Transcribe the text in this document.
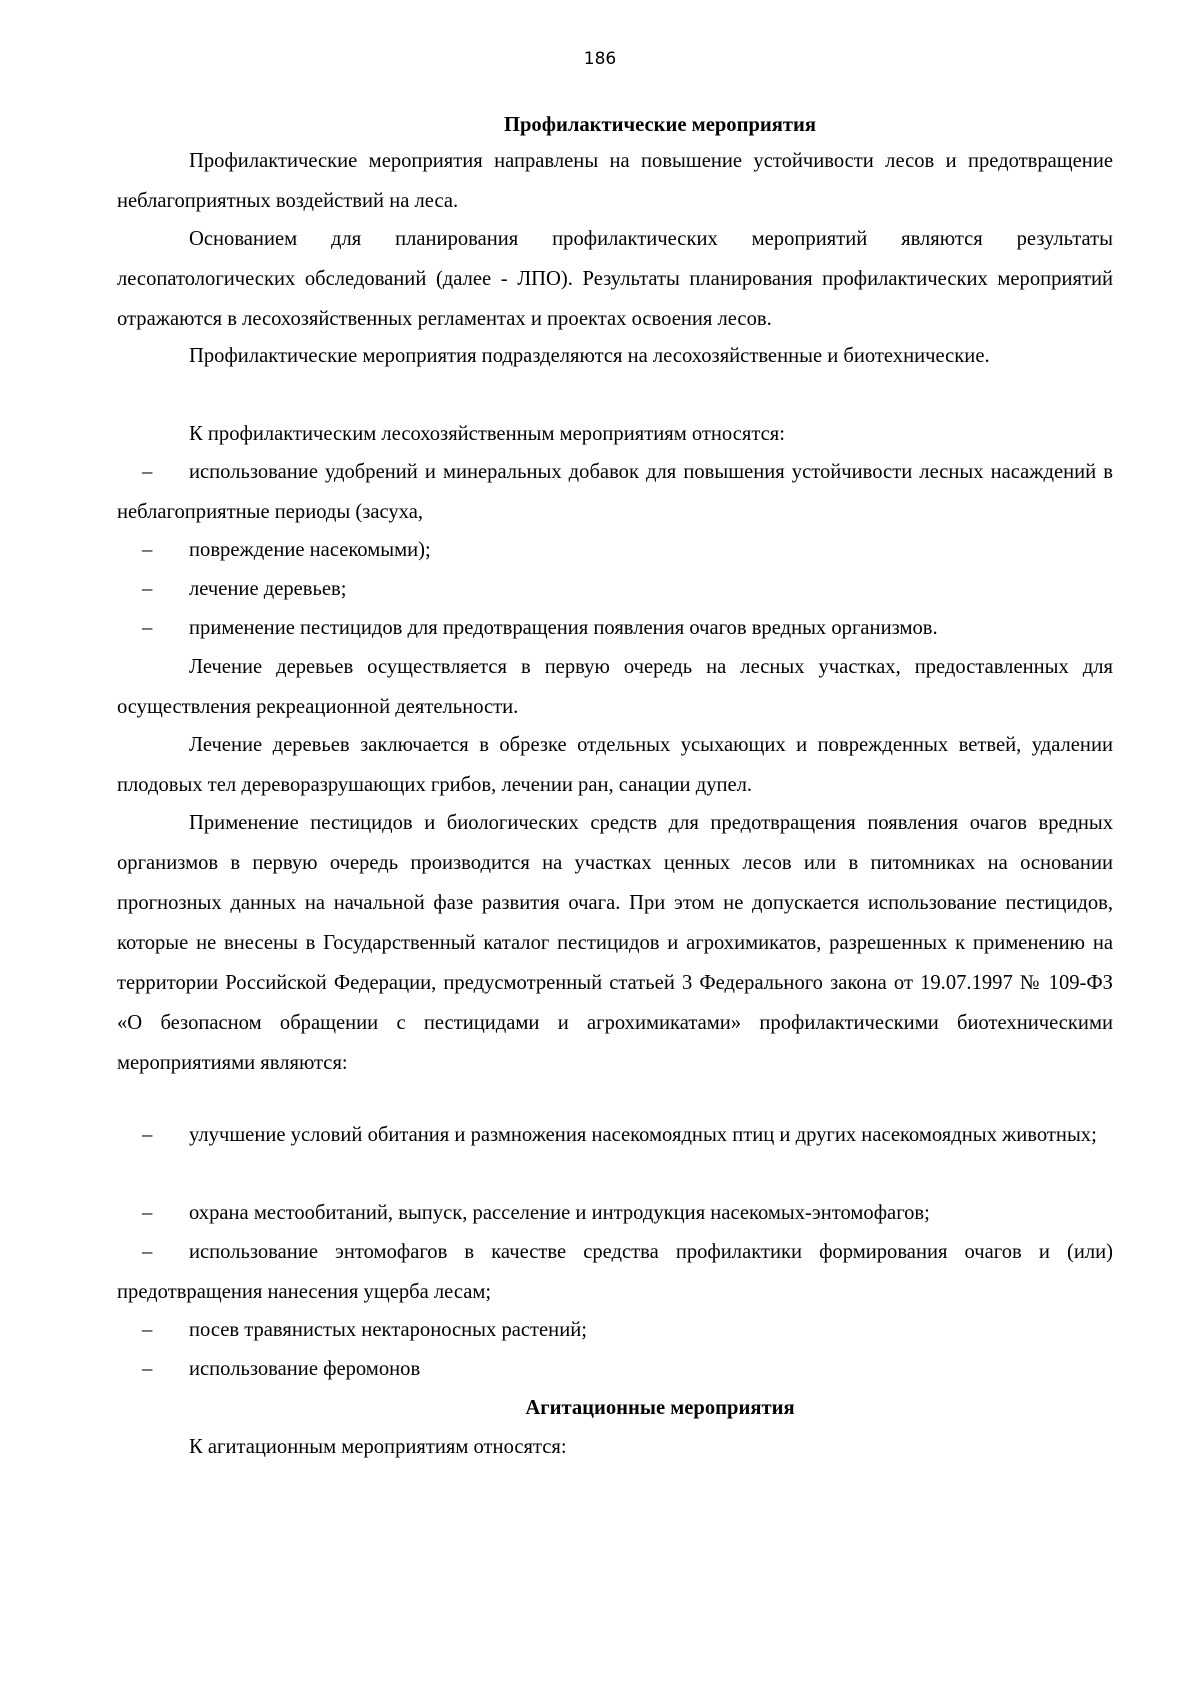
186
Профилактические мероприятия

Профилактические мероприятия направлены на повышение устойчивости лесов и предотвращение неблагоприятных воздействий на леса.

Основанием для планирования профилактических мероприятий являются результаты лесопатологических обследований (далее - ЛПО). Результаты планирования профилактических мероприятий отражаются в лесохозяйственных регламентах и проектах освоения лесов.

Профилактические мероприятия подразделяются на лесохозяйственные и биотехнические.

К профилактическим лесохозяйственным мероприятиям относятся:

–	использование удобрений и минеральных добавок для повышения устойчивости лесных насаждений в неблагоприятные периоды (засуха,
–	повреждение насекомыми);
–	лечение деревьев;
–	применение пестицидов для предотвращения появления очагов вредных организмов.

Лечение деревьев осуществляется в первую очередь на лесных участках, предоставленных для осуществления рекреационной деятельности.

Лечение деревьев заключается в обрезке отдельных усыхающих и поврежденных ветвей, удалении плодовых тел дереворазрушающих грибов, лечении ран, санации дупел.

Применение пестицидов и биологических средств для предотвращения появления очагов вредных организмов в первую очередь производится на участках ценных лесов или в питомниках на основании прогнозных данных на начальной фазе развития очага. При этом не допускается использование пестицидов, которые не внесены в Государственный каталог пестицидов и агрохимикатов, разрешенных к применению на территории Российской Федерации, предусмотренный статьей 3 Федерального закона от 19.07.1997 № 109-ФЗ «О безопасном обращении с пестицидами и агрохимикатами» профилактическими биотехническими мероприятиями являются:

–	улучшение условий обитания и размножения насекомоядных птиц и других насекомоядных животных;
–	охрана местообитаний, выпуск, расселение и интродукция насекомых-энтомофагов;
–	использование энтомофагов в качестве средства профилактики формирования очагов и (или) предотвращения нанесения ущерба лесам;
–	посев травянистых нектароносных растений;
–	использование феромонов
Агитационные мероприятия

К агитационным мероприятиям относятся:
